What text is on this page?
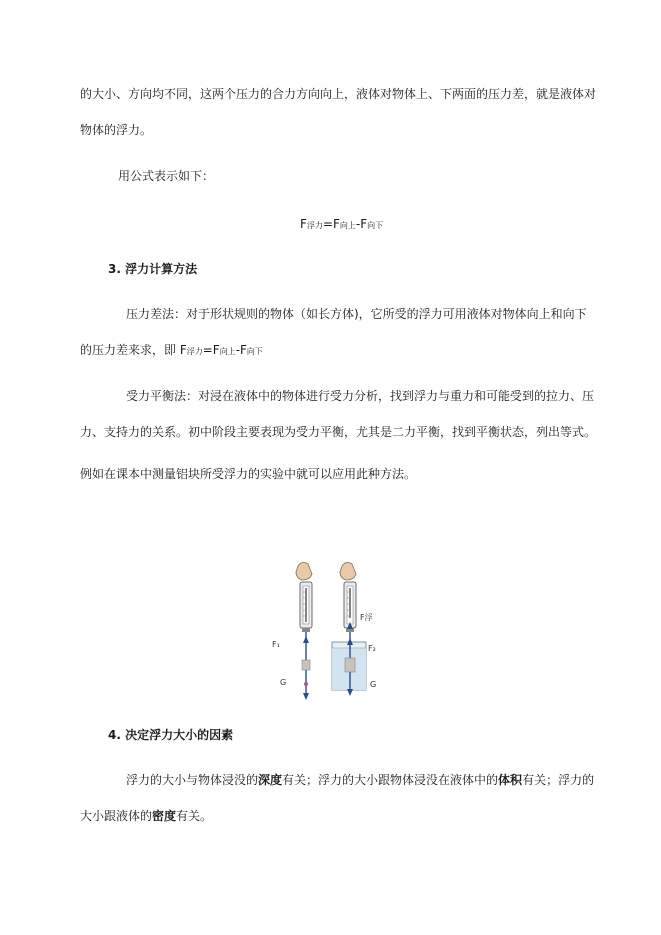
的大小、方向均不同，这两个压力的合力方向向上，液体对物体上、下两面的压力差，就是液体对
物体的浮力。
用公式表示如下：
F浮力=F向上-F向下
3. 浮力计算方法
压力差法：对于形状规则的物体（如长方体)，它所受的浮力可用液体对物体向上和向下
的压力差来求，即 F浮力=F向上-F向下
受力平衡法：对浸在液体中的物体进行受力分析，找到浮力与重力和可能受到的拉力、压
力、支持力的关系。初中阶段主要表现为受力平衡，尤其是二力平衡，找到平衡状态，列出等式。
例如在课本中测量铝块所受浮力的实验中就可以应用此种方法。
F₁
G
F浮
F₂
G
4. 决定浮力大小的因素
浮力的大小与物体浸没的深度有关；浮力的大小跟物体浸没在液体中的体积有关；浮力的
大小跟液体的密度有关。
